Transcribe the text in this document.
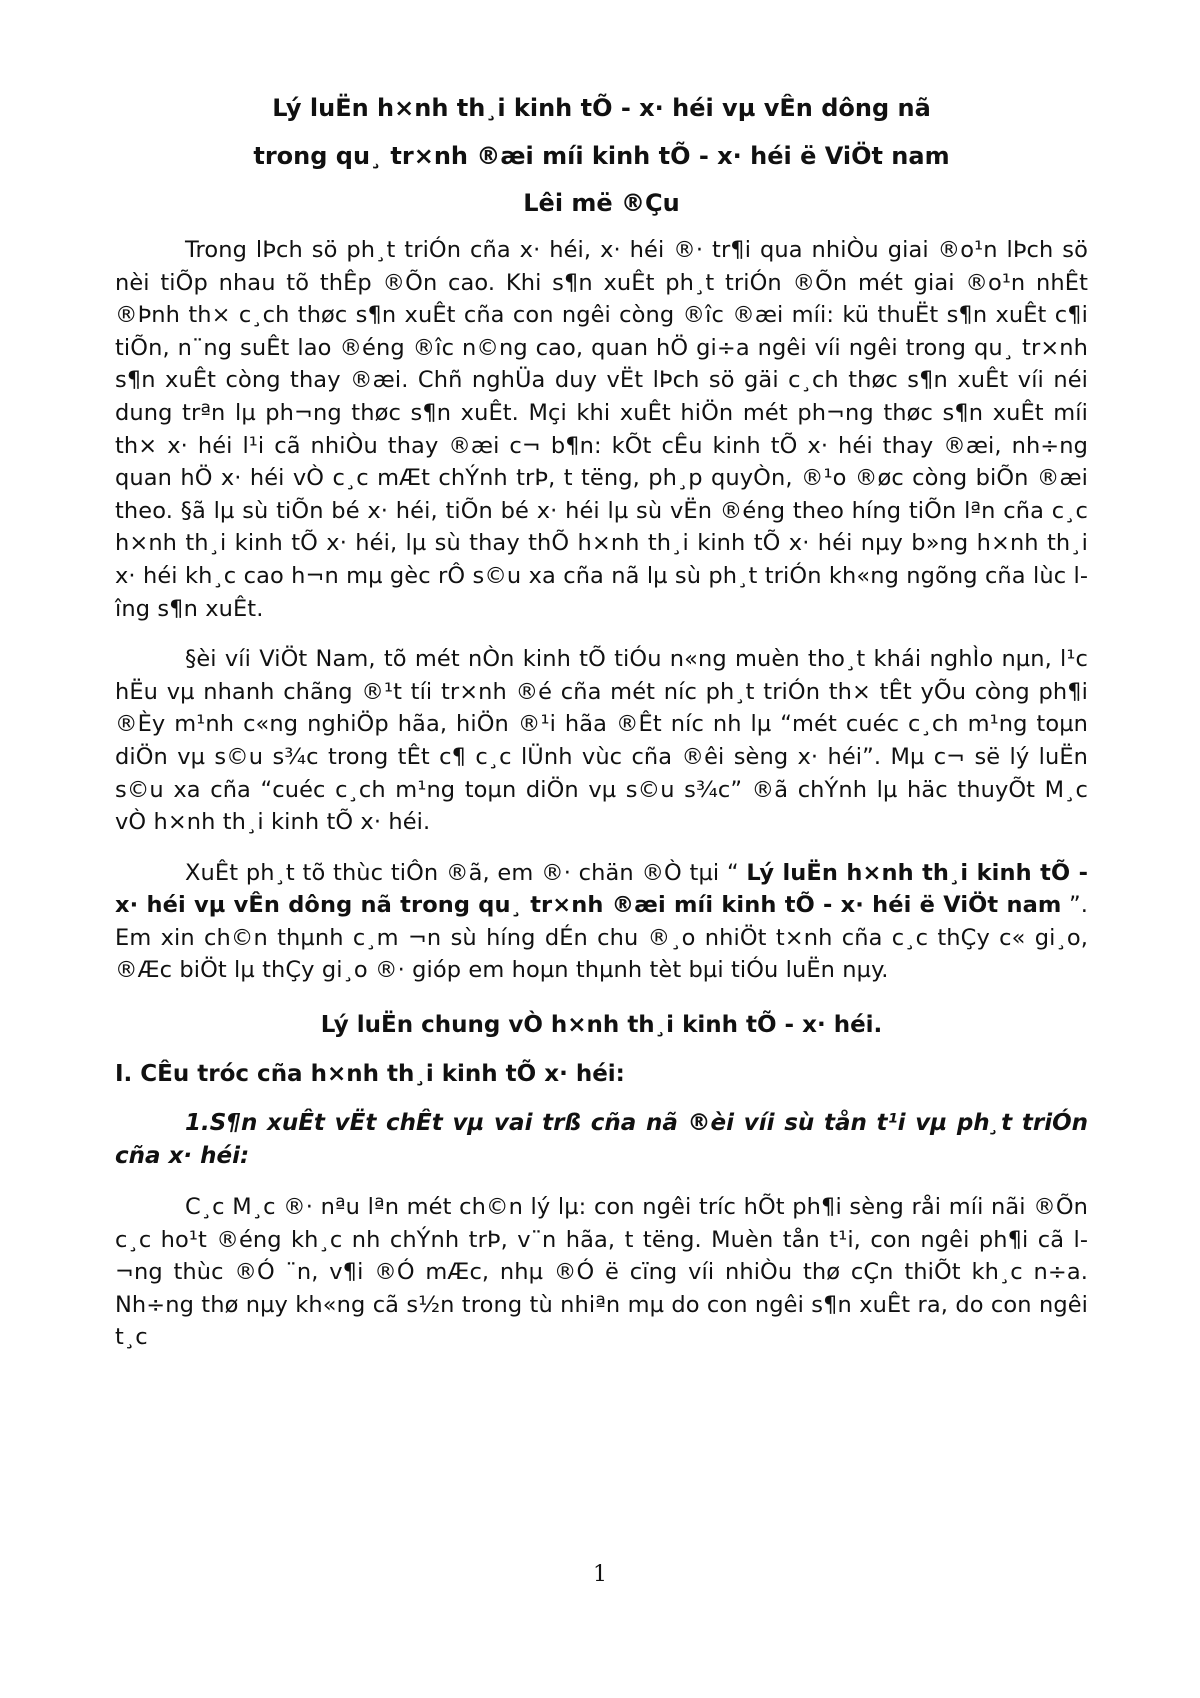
Lý luËn h×nh th¸i kinh tÕ - x· héi vµ vÊn dông nã
trong qu¸ tr×nh ®æi míi kinh tÕ - x· héi ë ViÖt nam
Lêi më ®Çu

Trong lÞch sö ph¸t triÓn cña x· héi, x· héi ®· tr¶i qua nhiÒu giai ®o¹n lÞch sö nèi tiÕp nhau tõ thÊp ®Õn cao. Khi s¶n xuÊt ph¸t triÓn ®Õn mét giai ®o¹n nhÊt ®Þnh th× c¸ch thøc s¶n xuÊt cña con ngêi còng ®îc ®æi míi: kü thuËt s¶n xuÊt c¶i tiÕn, n¨ng suÊt lao ®éng ®îc n©ng cao, quan hÖ gi÷a ngêi víi ngêi trong qu¸ tr×nh s¶n xuÊt còng thay ®æi. Chñ nghÜa duy vËt lÞch sö gäi c¸ch thøc s¶n xuÊt víi néi dung trªn lµ ph¬ng thøc s¶n xuÊt. Mçi khi xuÊt hiÖn mét ph¬ng thøc s¶n xuÊt míi th× x· héi l¹i cã nhiÒu thay ®æi c¬ b¶n: kÕt cÊu kinh tÕ x· héi thay ®æi, nh÷ng quan hÖ x· héi vÒ c¸c mÆt chÝnh trÞ, t tëng, ph¸p quyÒn, ®¹o ®øc còng biÕn ®æi theo. §ã lµ sù tiÕn bé x· héi, tiÕn bé x· héi lµ sù vËn ®éng theo híng tiÕn lªn cña c¸c h×nh th¸i kinh tÕ x· héi, lµ sù thay thÕ h×nh th¸i kinh tÕ x· héi nµy b»ng h×nh th¸i x· héi kh¸c cao h¬n mµ gèc rÔ s©u xa cña nã lµ sù ph¸t triÓn kh«ng ngõng cña lùc lîng s¶n xuÊt.

§èi víi ViÖt Nam, tõ mét nÒn kinh tÕ tiÓu n«ng muèn tho¸t khái nghÌo nµn, l¹c hËu vµ nhanh chãng ®¹t tíi tr×nh ®é cña mét níc ph¸t triÓn th× tÊt yÕu còng ph¶i ®Èy m¹nh c«ng nghiÖp hãa, hiÖn ®¹i hãa ®Êt níc nh lµ “mét cuéc c¸ch m¹ng toµn diÖn vµ s©u s¾c trong tÊt c¶ c¸c lÜnh vùc cña ®êi sèng x· héi”. Mµ c¬ së lý luËn s©u xa cña “cuéc c¸ch m¹ng toµn diÖn vµ s©u s¾c” ®ã chÝnh lµ häc thuyÕt M¸c vÒ h×nh th¸i kinh tÕ x· héi.

XuÊt ph¸t tõ thùc tiÔn ®ã, em ®· chän ®Ò tµi “ Lý luËn h×nh th¸i kinh tÕ - x· héi vµ vÊn dông nã trong qu¸ tr×nh ®æi míi kinh tÕ - x· héi ë ViÖt nam ”. Em xin ch©n thµnh c¸m ¬n sù híng dÉn chu ®¸o nhiÖt t×nh cña c¸c thÇy c« gi¸o, ®Æc biÖt lµ thÇy gi¸o ®· gióp em hoµn thµnh tèt bµi tiÓu luËn nµy.

Lý luËn chung vÒ h×nh th¸i kinh tÕ - x· héi.
I. CÊu tróc cña h×nh th¸i kinh tÕ x· héi:
1.S¶n xuÊt vËt chÊt vµ vai trß cña nã ®èi víi sù tån t¹i vµ ph¸t triÓn cña x· héi:

C¸c M¸c ®· nªu lªn mét ch©n lý lµ: con ngêi tríc hÕt ph¶i sèng råi míi nãi ®Õn c¸c ho¹t ®éng kh¸c nh chÝnh trÞ, v¨n hãa, t tëng. Muèn tån t¹i, con ngêi ph¶i cã l¬ng thùc ®Ó ¨n, v¶i ®Ó mÆc, nhµ ®Ó ë cïng víi nhiÒu thø cÇn thiÕt kh¸c n÷a. Nh÷ng thø nµy kh«ng cã s½n trong tù nhiªn mµ do con ngêi s¶n xuÊt ra, do con ngêi t¸c

1
